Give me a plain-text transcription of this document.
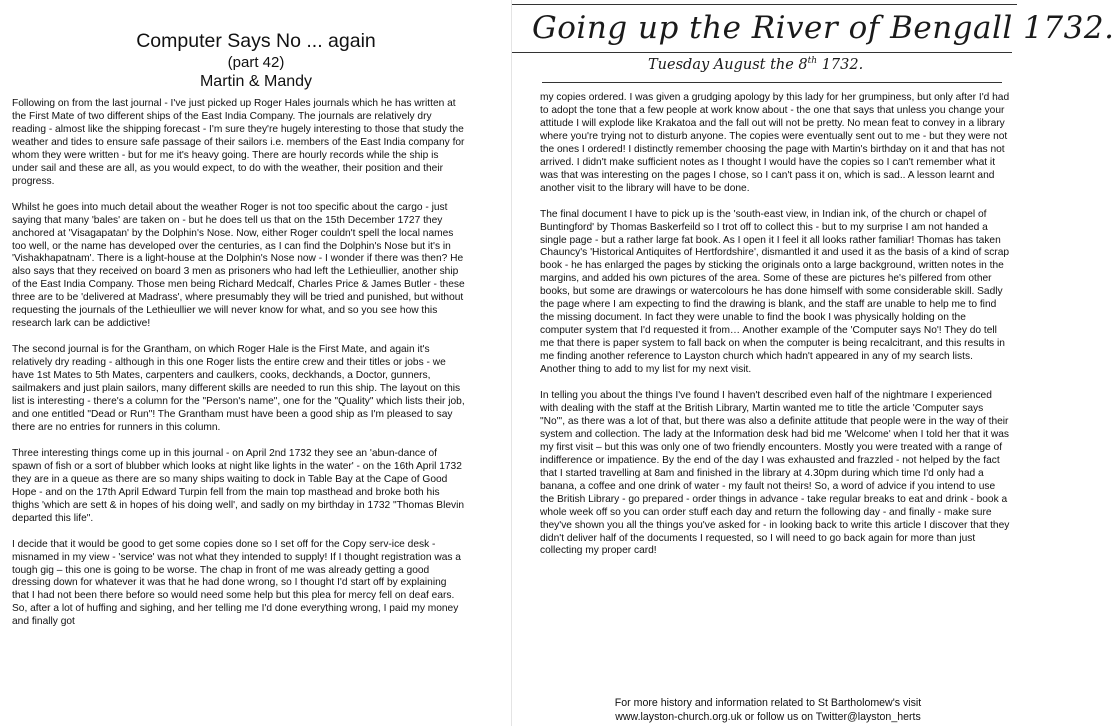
Computer Says No ... again
(part 42)
Martin & Mandy

Following on from the last journal - I've just picked up Roger Hales journals which he has written at the First Mate of two different ships of the East India Company. The journals are relatively dry reading - almost like the shipping forecast - I'm sure they're hugely interesting to those that study the weather and tides to ensure safe passage of their sailors i.e. members of the East India company for whom they were written - but for me it's heavy going. There are hourly records while the ship is under sail and these are all, as you would expect, to do with the weather, their position and their progress.

Whilst he goes into much detail about the weather Roger is not too specific about the cargo - just saying that many 'bales' are taken on - but he does tell us that on the 15th December 1727 they anchored at 'Visagapatan' by the Dolphin's Nose. Now, either Roger couldn't spell the local names too well, or the name has developed over the centuries, as I can find the Dolphin's Nose but it's in 'Vishakhapatnam'. There is a light-house at the Dolphin's Nose now - I wonder if there was then? He also says that they received on board 3 men as prisoners who had left the Lethieullier, another ship of the East India Company. Those men being Richard Medcalf, Charles Price & James Butler - these three are to be 'delivered at Madrass', where presumably they will be tried and punished, but without requesting the journals of the Lethieullier we will never know for what, and so you see how this research lark can be addictive!

The second journal is for the Grantham, on which Roger Hale is the First Mate, and again it's relatively dry reading - although in this one Roger lists the entire crew and their titles or jobs - we have 1st Mates to 5th Mates, carpenters and caulkers, cooks, deckhands, a Doctor, gunners, sailmakers and just plain sailors, many different skills are needed to run this ship. The layout on this list is interesting - there's a column for the "Person's name", one for the "Quality" which lists their job, and one entitled "Dead or Run"! The Grantham must have been a good ship as I'm pleased to say there are no entries for runners in this column.

Three interesting things come up in this journal - on April 2nd 1732 they see an 'abun-dance of spawn of fish or a sort of blubber which looks at night like lights in the water' - on the 16th April 1732 they are in a queue as there are so many ships waiting to dock in Table Bay at the Cape of Good Hope - and on the 17th April Edward Turpin fell from the main top masthead and broke both his thighs 'which are sett & in hopes of his doing well', and sadly on my birthday in 1732 "Thomas Blevin departed this life".

I decide that it would be good to get some copies done so I set off for the Copy serv-ice desk - misnamed in my view - 'service' was not what they intended to supply! If I thought registration was a tough gig – this one is going to be worse. The chap in front of me was already getting a good dressing down for whatever it was that he had done wrong, so I thought I'd start off by explaining that I had not been there before so would need some help but this plea for mercy fell on deaf ears. So, after a lot of huffing and sighing, and her telling me I'd done everything wrong, I paid my money and finally got

Going up the River of Bengall 1732.
Tuesday August the 8th 1732.

my copies ordered. I was given a grudging apology by this lady for her grumpiness, but only after I'd had to adopt the tone that a few people at work know about - the one that says that unless you change your attitude I will explode like Krakatoa and the fall out will not be pretty. No mean feat to convey in a library where you're trying not to disturb anyone. The copies were eventually sent out to me - but they were not the ones I ordered! I distinctly remember choosing the page with Martin's birthday on it and that has not arrived. I didn't make sufficient notes as I thought I would have the copies so I can't remember what it was that was interesting on the pages I chose, so I can't pass it on, which is sad.. A lesson learnt and another visit to the library will have to be done.

The final document I have to pick up is the 'south-east view, in Indian ink, of the church or chapel of Buntingford' by Thomas Baskerfeild so I trot off to collect this - but to my surprise I am not handed a single page - but a rather large fat book. As I open it I feel it all looks rather familiar! Thomas has taken Chauncy's 'Historical Antiquites of Hertfordshire', dismantled it and used it as the basis of a kind of scrap book - he has enlarged the pages by sticking the originals onto a large background, written notes in the margins, and added his own pictures of the area. Some of these are pictures he's pilfered from other books, but some are drawings or watercolours he has done himself with some considerable skill. Sadly the page where I am expecting to find the drawing is blank, and the staff are unable to help me to find the missing document. In fact they were unable to find the book I was physically holding on the computer system that I'd requested it from… Another example of the 'Computer says No'! They do tell me that there is paper system to fall back on when the computer is being recalcitrant, and this results in me finding another reference to Layston church which hadn't appeared in any of my search lists. Another thing to add to my list for my next visit.

In telling you about the things I've found I haven't described even half of the nightmare I experienced with dealing with the staff at the British Library, Martin wanted me to title the article 'Computer says "No"', as there was a lot of that, but there was also a definite attitude that people were in the way of their system and collection. The lady at the Information desk had bid me 'Welcome' when I told her that it was my first visit – but this was only one of two friendly encounters. Mostly you were treated with a range of indifference or impatience. By the end of the day I was exhausted and frazzled - not helped by the fact that I started travelling at 8am and finished in the library at 4.30pm during which time I'd only had a banana, a coffee and one drink of water - my fault not theirs! So, a word of advice if you intend to use the British Library - go prepared - order things in advance - take regular breaks to eat and drink - book a whole week off so you can order stuff each day and return the following day - and finally - make sure they've shown you all the things you've asked for - in looking back to write this article I discover that they didn't deliver half of the documents I requested, so I will need to go back again for more than just collecting my proper card!

For more history and information related to St Bartholomew's visit
www.layston-church.org.uk or follow us on Twitter@layston_herts
